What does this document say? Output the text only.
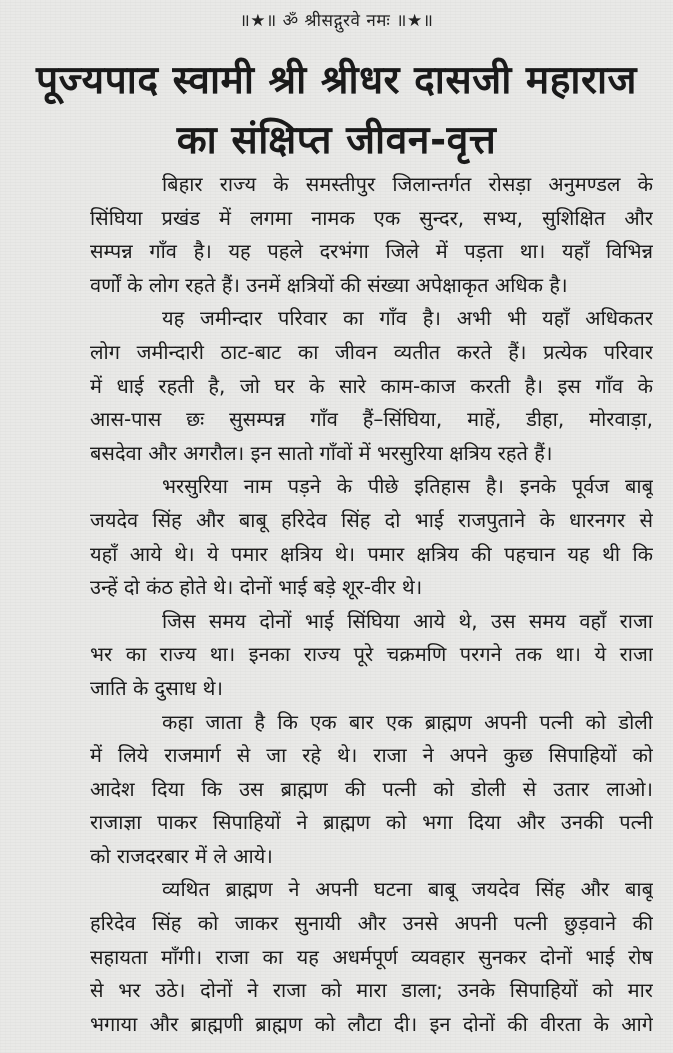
॥★॥ ॐ श्रीसद्गुरवे नमः ॥★॥
पूज्यपाद स्वामी श्री श्रीधर दासजी महाराज
का संक्षिप्त जीवन-वृत्त
बिहार राज्य के समस्तीपुर जिलान्तर्गत रोसड़ा अनुमण्डल के
सिंघिया प्रखंड में लगमा नामक एक सुन्दर, सभ्य, सुशिक्षित और
सम्पन्न गाँव है। यह पहले दरभंगा जिले में पड़ता था। यहाँ विभिन्न
वर्णों के लोग रहते हैं। उनमें क्षत्रियों की संख्या अपेक्षाकृत अधिक है।
यह जमीन्दार परिवार का गाँव है। अभी भी यहाँ अधिकतर
लोग जमीन्दारी ठाट-बाट का जीवन व्यतीत करते हैं। प्रत्येक परिवार
में धाई रहती है, जो घर के सारे काम-काज करती है। इस गाँव के
आस-पास छः सुसम्पन्न गाँव हैं–सिंघिया, माहें, डीहा, मोरवाड़ा,
बसदेवा और अगरौल। इन सातो गाँवों में भरसुरिया क्षत्रिय रहते हैं।
भरसुरिया नाम पड़ने के पीछे इतिहास है। इनके पूर्वज बाबू
जयदेव सिंह और बाबू हरिदेव सिंह दो भाई राजपुताने के धारनगर से
यहाँ आये थे। ये पमार क्षत्रिय थे। पमार क्षत्रिय की पहचान यह थी कि
उन्हें दो कंठ होते थे। दोनों भाई बड़े शूर-वीर थे।
जिस समय दोनों भाई सिंघिया आये थे, उस समय वहाँ राजा
भर का राज्य था। इनका राज्य पूरे चक्रमणि परगने तक था। ये राजा
जाति के दुसाध थे।
कहा जाता है कि एक बार एक ब्राह्मण अपनी पत्नी को डोली
में लिये राजमार्ग से जा रहे थे। राजा ने अपने कुछ सिपाहियों को
आदेश दिया कि उस ब्राह्मण की पत्नी को डोली से उतार लाओ।
राजाज्ञा पाकर सिपाहियों ने ब्राह्मण को भगा दिया और उनकी पत्नी
को राजदरबार में ले आये।
व्यथित ब्राह्मण ने अपनी घटना बाबू जयदेव सिंह और बाबू
हरिदेव सिंह को जाकर सुनायी और उनसे अपनी पत्नी छुड़वाने की
सहायता माँगी। राजा का यह अधर्मपूर्ण व्यवहार सुनकर दोनों भाई रोष
से भर उठे। दोनों ने राजा को मारा डाला; उनके सिपाहियों को मार
भगाया और ब्राह्मणी ब्राह्मण को लौटा दी। इन दोनों की वीरता के आगे
